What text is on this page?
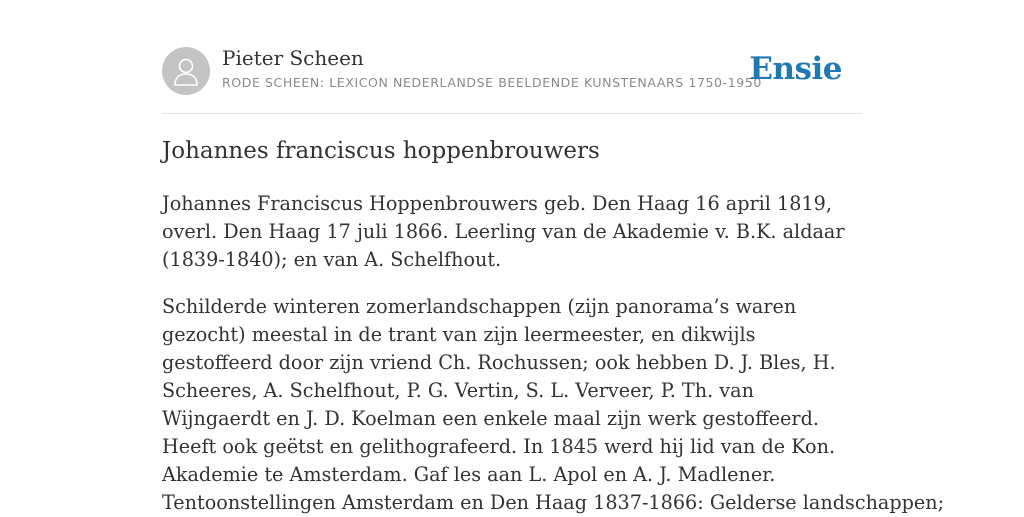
Pieter Scheen
RODE SCHEEN: LEXICON NEDERLANDSE BEELDENDE KUNSTENAARS 1750-1950
Ensie
Johannes franciscus hoppenbrouwers

Johannes Franciscus Hoppenbrouwers geb. Den Haag 16 april 1819, overl. Den Haag 17 juli 1866. Leerling van de Akademie v. B.K. aldaar (1839-1840); en van A. Schelfhout.

Schilderde winteren zomerlandschappen (zijn panorama’s waren gezocht) meestal in de trant van zijn leermeester, en dikwijls gestoffeerd door zijn vriend Ch. Rochussen; ook hebben D. J. Bles, H. Scheeres, A. Schelfhout, P. G. Vertin, S. L. Verveer, P. Th. van Wijngaerdt en J. D. Koelman een enkele maal zijn werk gestoffeerd. Heeft ook geëtst en gelithografeerd. In 1845 werd hij lid van de Kon. Akademie te Amsterdam. Gaf les aan L. Apol en A. J. Madlener.

Tentoonstellingen Amsterdam en Den Haag 1837-1866: Gelderse landschappen;
